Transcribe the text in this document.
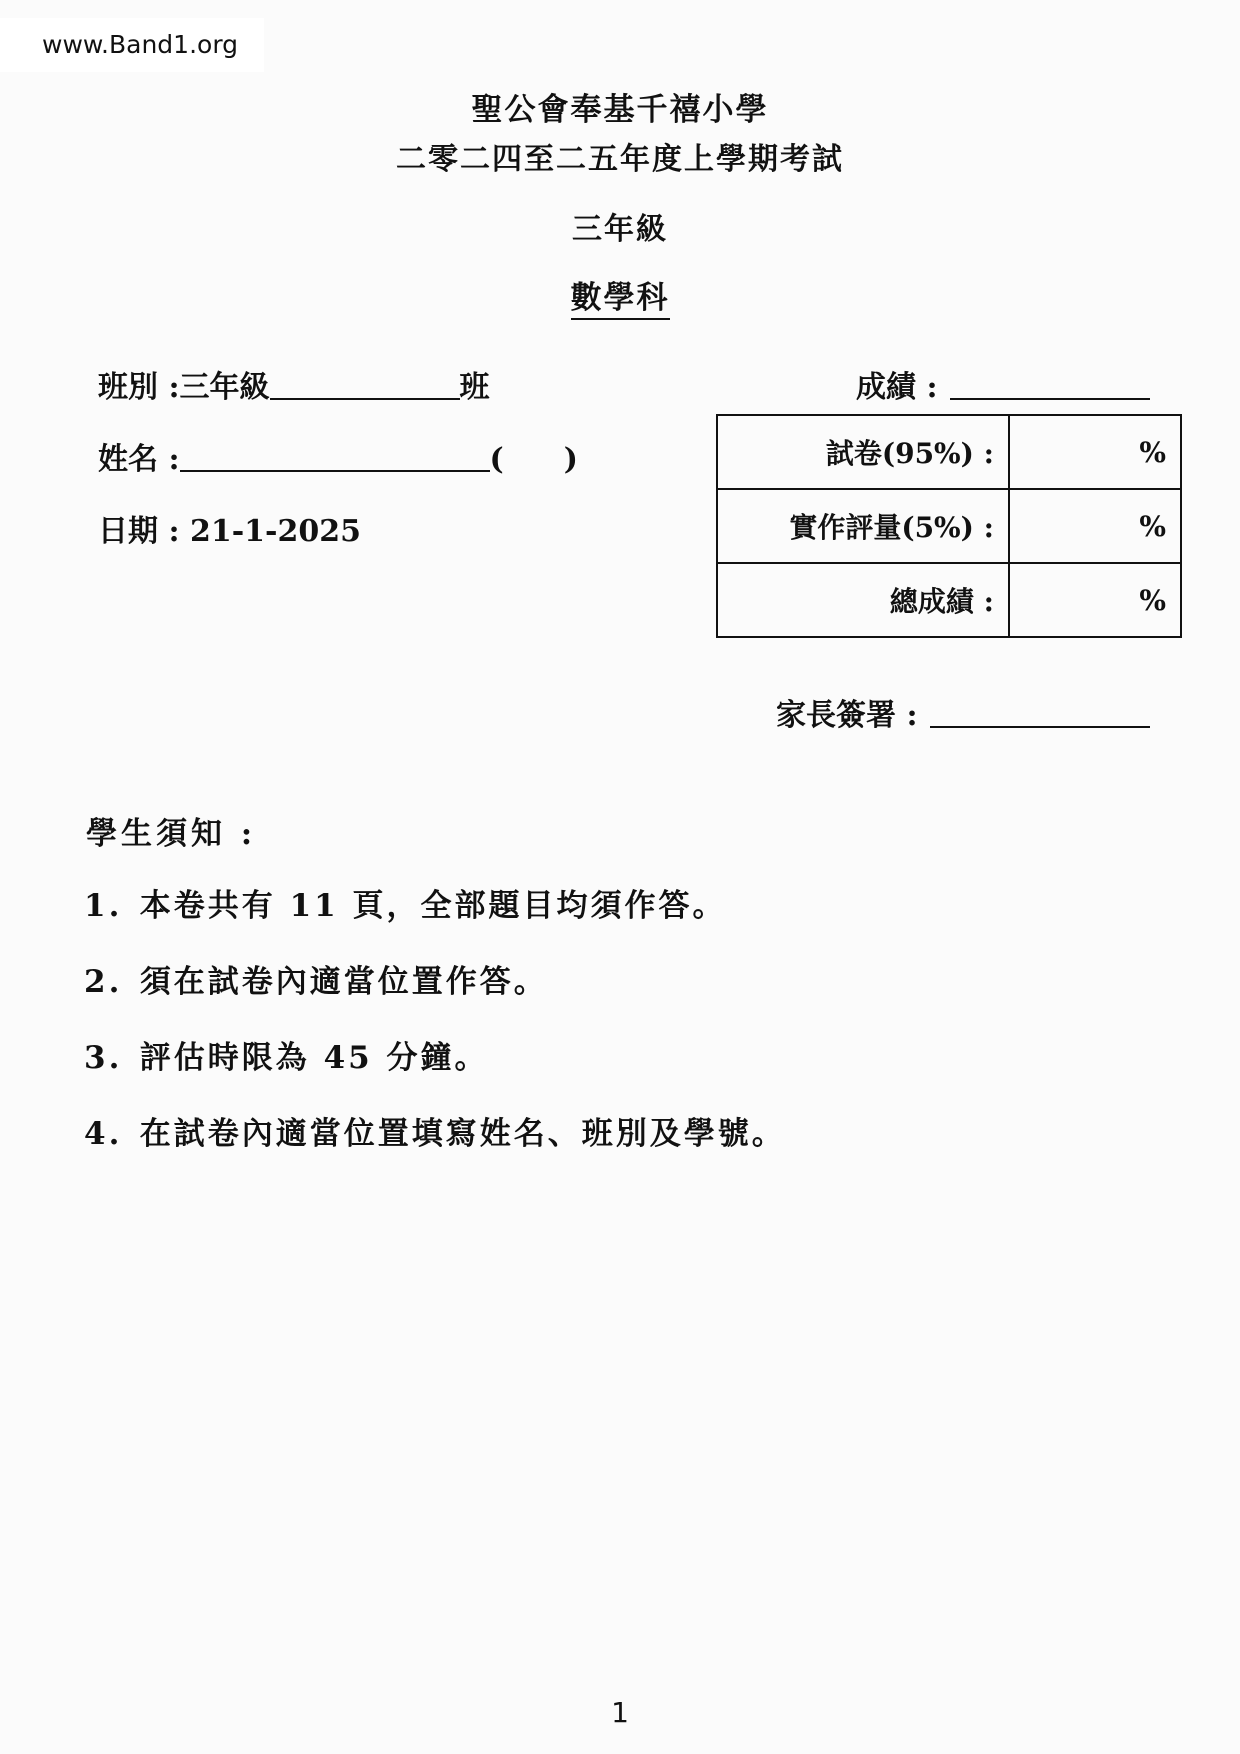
www.Band1.org
聖公會奉基千禧小學
二零二四至二五年度上學期考試
三年級
數學科
班別 :三年級	班
姓名 :	(　　)
日期 : 21-1-2025
成績 :
試卷(95%) :	%
實作評量(5%) :	%
總成績 :	%
家長簽署 :
學生須知 :
1. 本卷共有 11 頁，全部題目均須作答。
2. 須在試卷內適當位置作答。
3. 評估時限為 45 分鐘。
4. 在試卷內適當位置填寫姓名、班別及學號。
1
